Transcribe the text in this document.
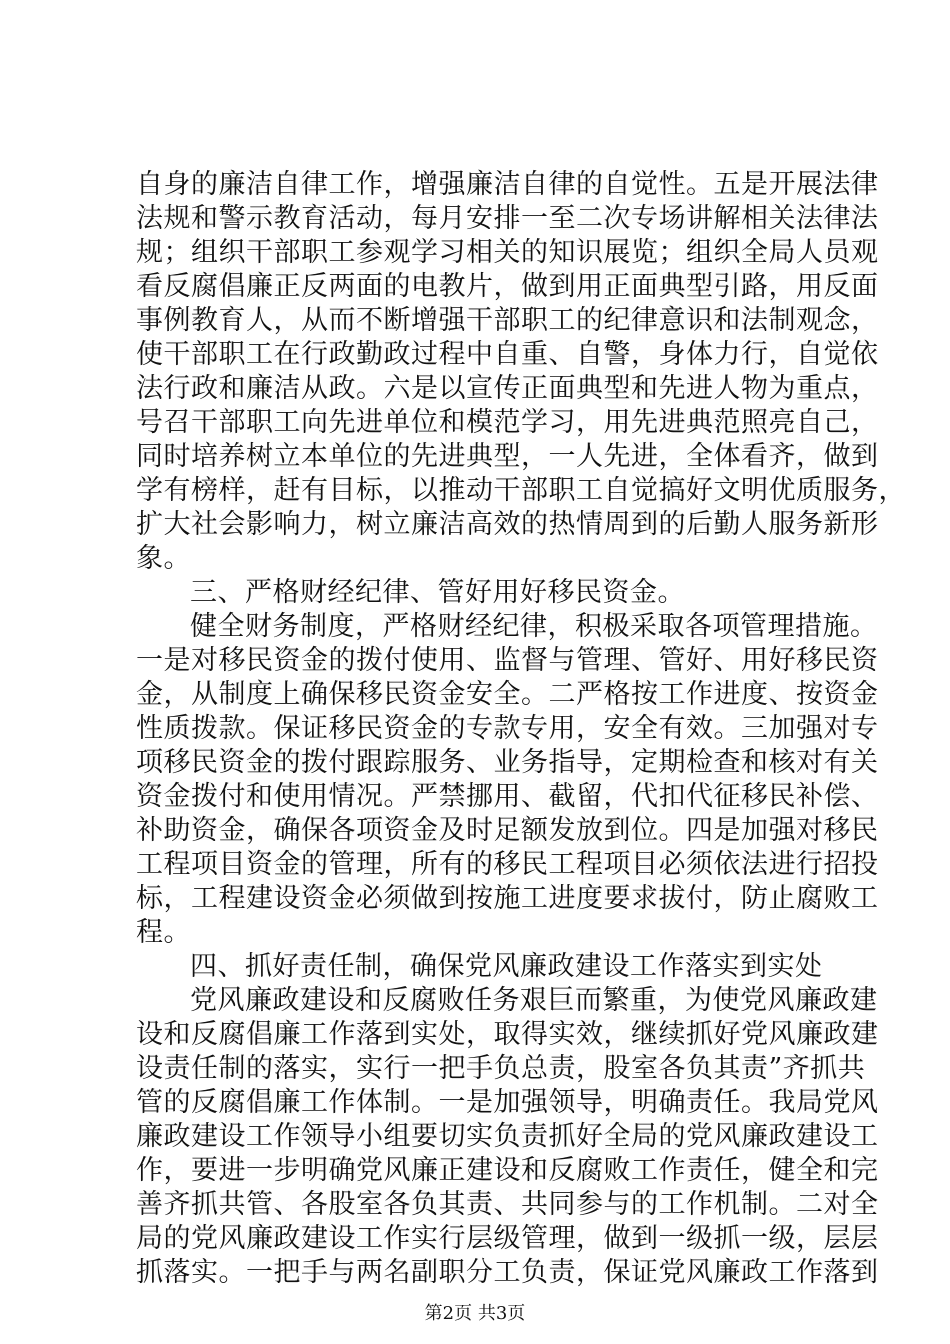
自身的廉洁自律工作，增强廉洁自律的自觉性。五是开展法律
法规和警示教育活动，每月安排一至二次专场讲解相关法律法
规；组织干部职工参观学习相关的知识展览；组织全局人员观
看反腐倡廉正反两面的电教片，做到用正面典型引路，用反面
事例教育人，从而不断增强干部职工的纪律意识和法制观念，
使干部职工在行政勤政过程中自重、自警，身体力行，自觉依
法行政和廉洁从政。六是以宣传正面典型和先进人物为重点，
号召干部职工向先进单位和模范学习，用先进典范照亮自己，
同时培养树立本单位的先进典型，一人先进，全体看齐，做到
学有榜样，赶有目标，以推动干部职工自觉搞好文明优质服务，
扩大社会影响力，树立廉洁高效的热情周到的后勤人服务新形
象。
三、严格财经纪律、管好用好移民资金。
健全财务制度，严格财经纪律，积极采取各项管理措施。
一是对移民资金的拨付使用、监督与管理、管好、用好移民资
金，从制度上确保移民资金安全。二严格按工作进度、按资金
性质拨款。保证移民资金的专款专用，安全有效。三加强对专
项移民资金的拨付跟踪服务、业务指导，定期检查和核对有关
资金拨付和使用情况。严禁挪用、截留，代扣代征移民补偿、
补助资金，确保各项资金及时足额发放到位。四是加强对移民
工程项目资金的管理，所有的移民工程项目必须依法进行招投
标，工程建设资金必须做到按施工进度要求拔付，防止腐败工
程。
四、抓好责任制，确保党风廉政建设工作落实到实处
党风廉政建设和反腐败任务艰巨而繁重，为使党风廉政建
设和反腐倡廉工作落到实处，取得实效，继续抓好党风廉政建
设责任制的落实，实行一把手负总责，股室各负其责”齐抓共
管的反腐倡廉工作体制。一是加强领导，明确责任。我局党风
廉政建设工作领导小组要切实负责抓好全局的党风廉政建设工
作，要进一步明确党风廉正建设和反腐败工作责任，健全和完
善齐抓共管、各股室各负其责、共同参与的工作机制。二对全
局的党风廉政建设工作实行层级管理，做到一级抓一级，层层
抓落实。一把手与两名副职分工负责，保证党风廉政工作落到
第2页 共3页
